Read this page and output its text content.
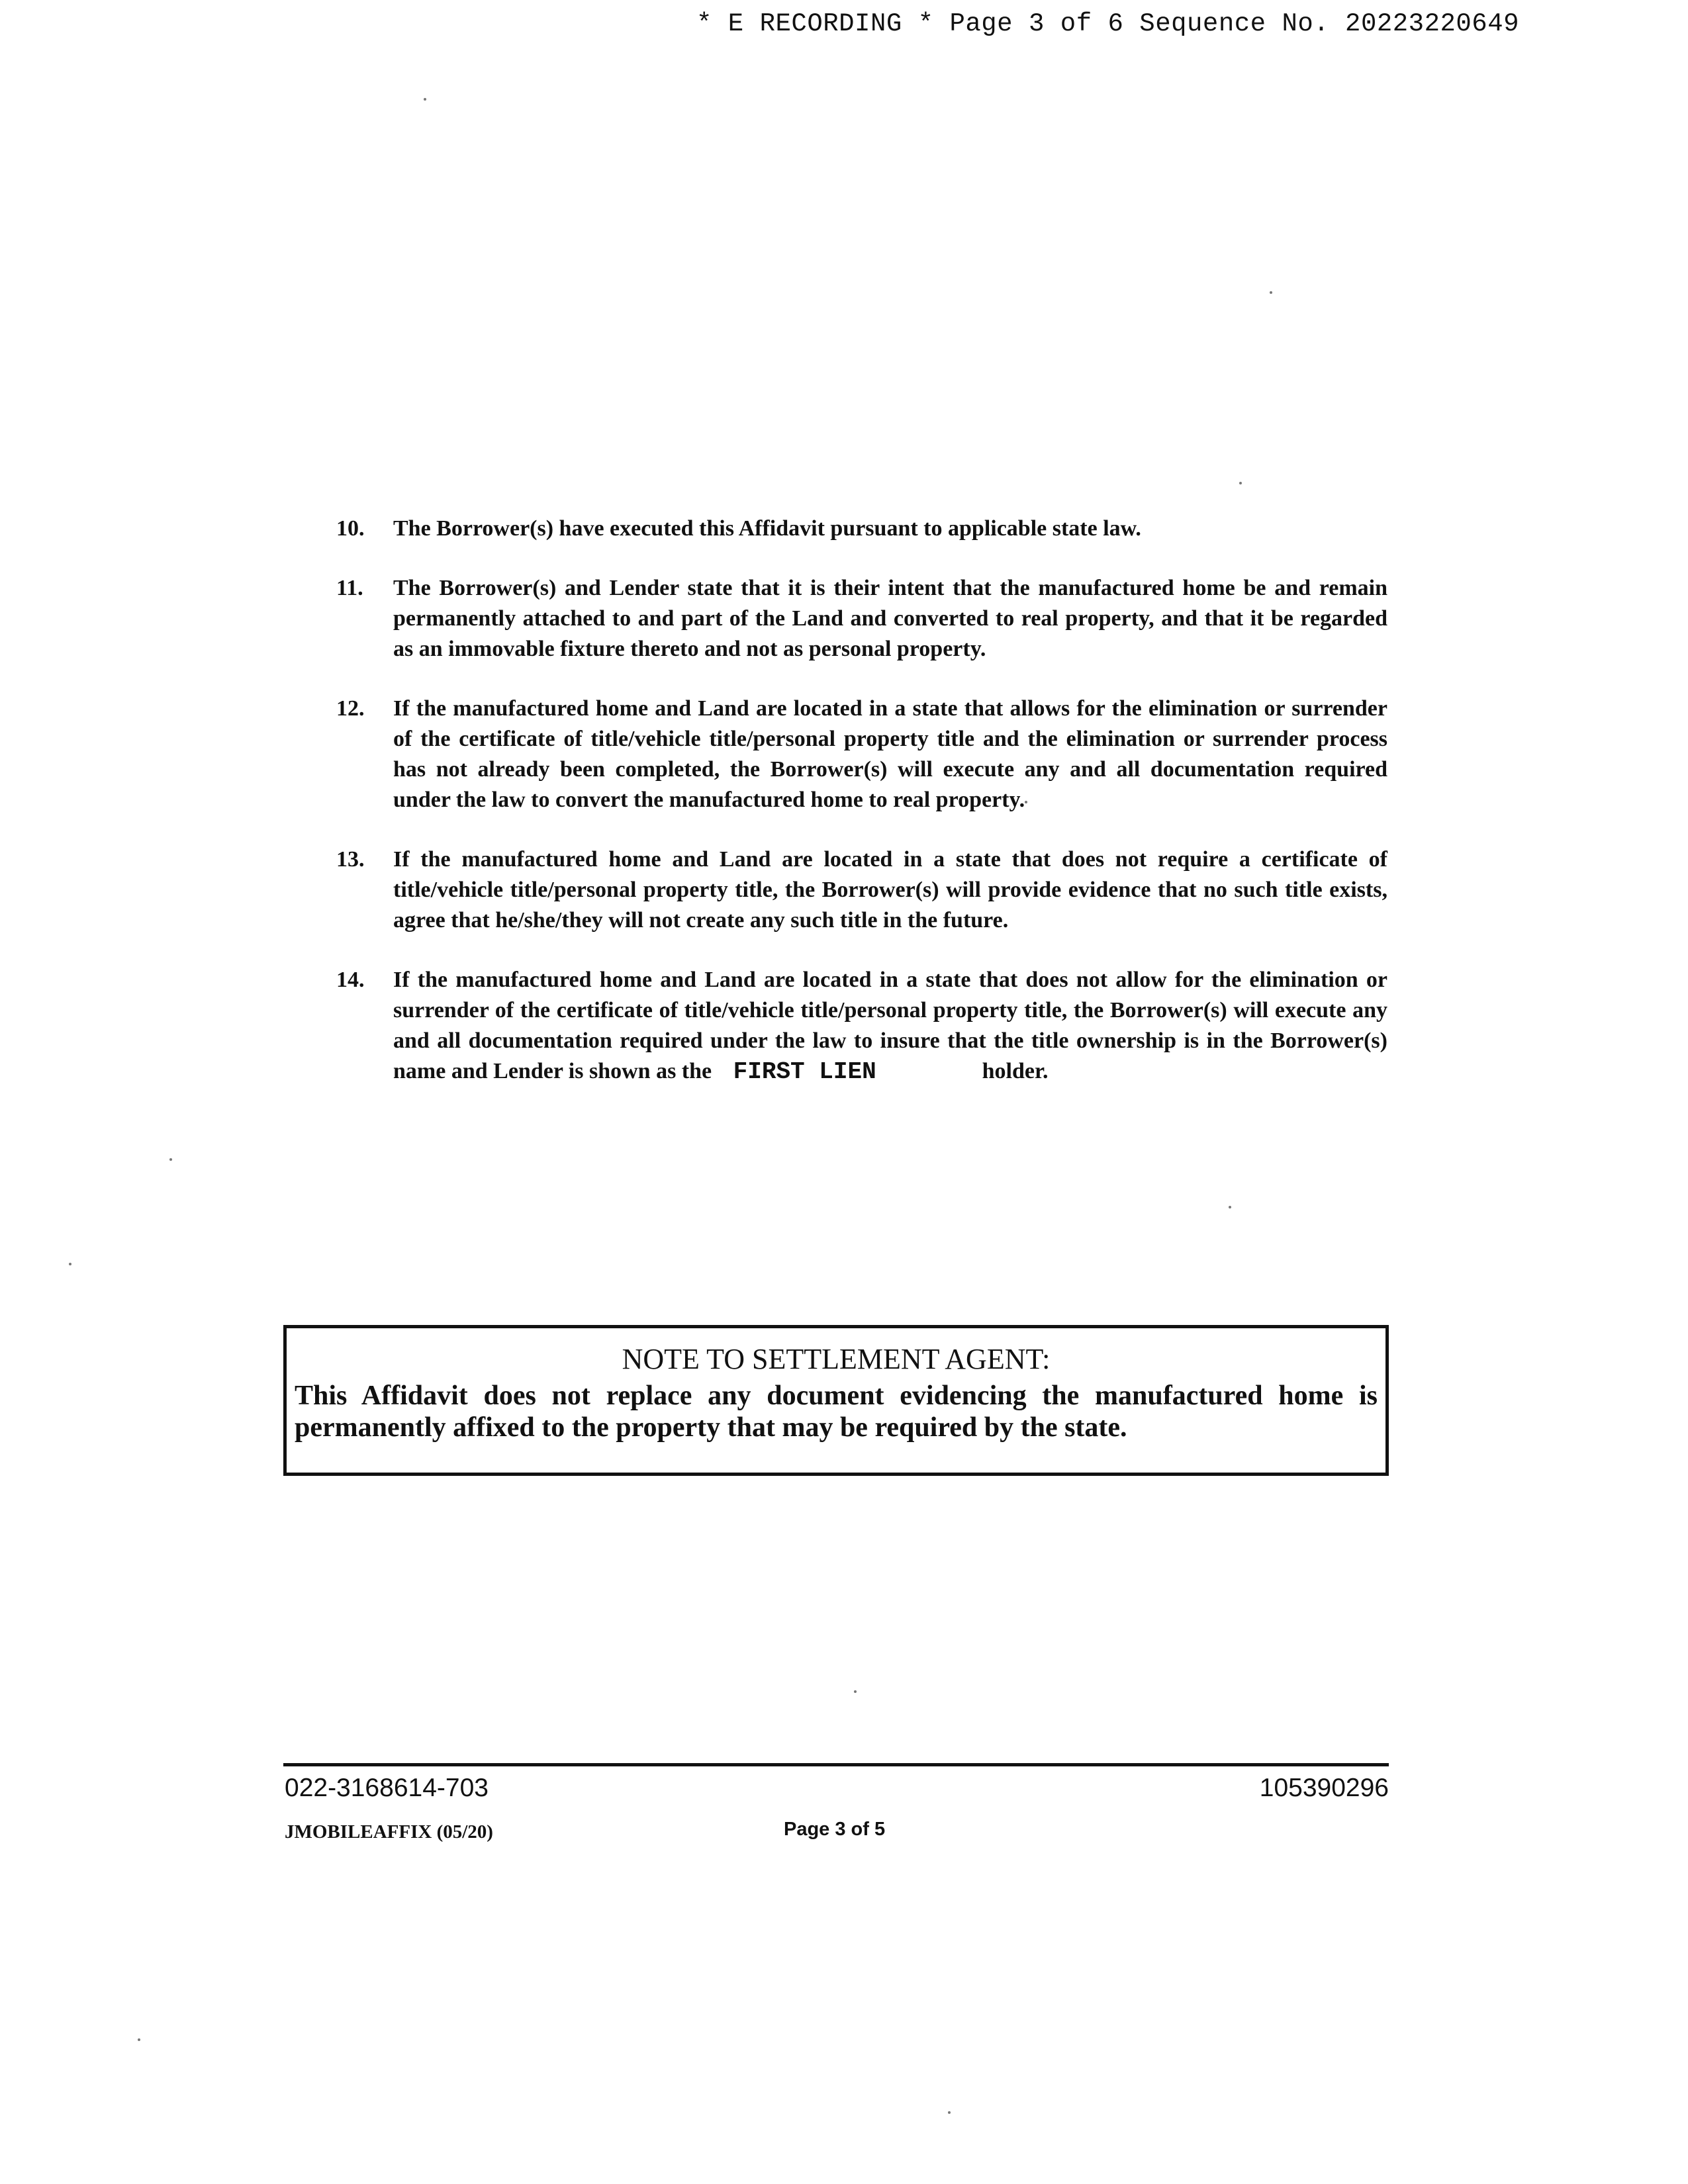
* E RECORDING * Page 3 of 6 Sequence No. 20223220649
10.	The Borrower(s) have executed this Affidavit pursuant to applicable state law.
11.	The Borrower(s) and Lender state that it is their intent that the manufactured home be and remain permanently attached to and part of the Land and converted to real property, and that it be regarded as an immovable fixture thereto and not as personal property.
12.	If the manufactured home and Land are located in a state that allows for the elimination or surrender of the certificate of title/vehicle title/personal property title and the elimination or surrender process has not already been completed, the Borrower(s) will execute any and all documentation required under the law to convert the manufactured home to real property.
13.	If the manufactured home and Land are located in a state that does not require a certificate of title/vehicle title/personal property title, the Borrower(s) will provide evidence that no such title exists, agree that he/she/they will not create any such title in the future.
14.	If the manufactured home and Land are located in a state that does not allow for the elimination or surrender of the certificate of title/vehicle title/personal property title, the Borrower(s) will execute any and all documentation required under the law to insure that the title ownership is in the Borrower(s) name and Lender is shown as the FIRST LIEN	holder.
NOTE TO SETTLEMENT AGENT:
This Affidavit does not replace any document evidencing the manufactured home is permanently affixed to the property that may be required by the state.
022-3168614-703	105390296
JMOBILEAFFIX (05/20)	Page 3 of 5
